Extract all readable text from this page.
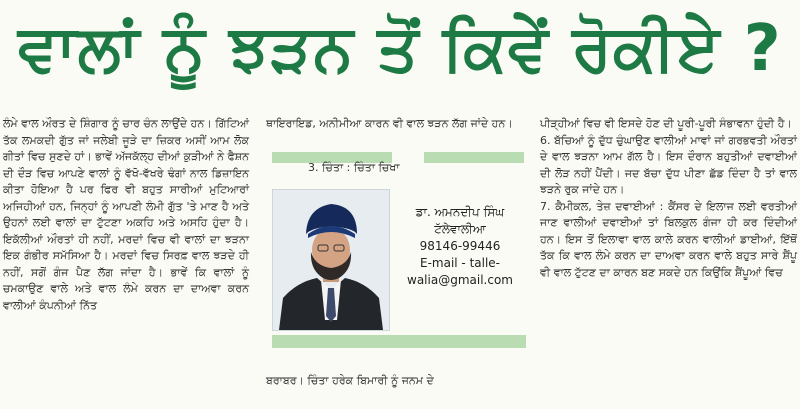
ਵਾਲਾਂ ਨੂੰ ਝੜਨ ਤੋਂ ਕਿਵੇਂ ਰੋਕੀਏ ?

ਲੰਮੇ ਵਾਲ ਔਰਤ ਦੇ ਸ਼ਿੰਗਾਰ ਨੂੰ ਚਾਰ ਚੰਨ ਲਾਉਂਦੇ ਹਨ। ਗਿੱਟਿਆਂ ਤੱਕ ਲਮਕਦੀ ਗੁੱਤ ਜਾਂ ਜਲੇਬੀ ਜੂੜੇ ਦਾ ਜ਼ਿਕਰ ਅਸੀਂ ਆਮ ਲੋਕ ਗੀਤਾਂ ਵਿਚ ਸੁਣਦੇ ਹਾਂ। ਭਾਵੇਂ ਅੱਜਕੱਲ੍ਹ ਦੀਆਂ ਕੁੜੀਆਂ ਨੇ ਫੈਸ਼ਨ ਦੀ ਦੌੜ ਵਿਚ ਆਪਣੇ ਵਾਲਾਂ ਨੂੰ ਵੱਖੋ-ਵੱਖਰੇ ਢੰਗਾਂ ਨਾਲ ਡਿਜ਼ਾਇਨ ਕੀਤਾ ਹੋਇਆ ਹੈ ਪਰ ਫਿਰ ਵੀ ਬਹੁਤ ਸਾਰੀਆਂ ਮੁਟਿਆਰਾਂ ਅਜਿਹੀਆਂ ਹਨ, ਜਿਨ੍ਹਾਂ ਨੂੰ ਆਪਣੀ ਲੰਮੀ ਗੁੱਤ 'ਤੇ ਮਾਣ ਹੈ ਅਤੇ ਉਹਨਾਂ ਲਈ ਵਾਲਾਂ ਦਾ ਟੁੱਟਣਾ ਅਕਹਿ ਅਤੇ ਅਸਹਿ ਹੁੰਦਾ ਹੈ। ਇਕੱਲੀਆਂ ਔਰਤਾਂ ਹੀ ਨਹੀਂ, ਮਰਦਾਂ ਵਿਚ ਵੀ ਵਾਲਾਂ ਦਾ ਝੜਨਾ ਇਕ ਗੰਭੀਰ ਸਮੱਸਿਆ ਹੈ। ਮਰਦਾਂ ਵਿਚ ਸਿਰਫ਼ ਵਾਲ ਝੜਦੇ ਹੀ ਨਹੀਂ, ਸਗੋਂ ਗੰਜ ਪੈਣ ਲੱਗ ਜਾਂਦਾ ਹੈ। ਭਾਵੇਂ ਕਿ ਵਾਲਾਂ ਨੂੰ ਚਮਕਾਉਣ ਵਾਲੇ ਅਤੇ ਵਾਲ ਲੰਮੇ ਕਰਨ ਦਾ ਦਾਅਵਾ ਕਰਨ ਵਾਲੀਆਂ ਕੰਪਨੀਆਂ ਨਿੱਤ

ਥਾਇਰਾਇਡ, ਅਨੀਮੀਆ ਕਾਰਨ ਵੀ ਵਾਲ ਝੜਨ ਲੱਗ ਜਾਂਦੇ ਹਨ।

3. ਚਿੰਤਾ : ਚਿੰਤਾ ਚਿਖਾ

ਡਾ. ਅਮਨਦੀਪ ਸਿੰਘ
ਟੱਲੇਵਾਲੀਆ
98146-99446
E-mail - talle-
walia@gmail.com

ਬਰਾਬਰ। ਚਿੰਤਾ ਹਰੇਕ ਬਿਮਾਰੀ ਨੂੰ ਜਨਮ ਦੇ

ਪੀੜ੍ਹੀਆਂ ਵਿਚ ਵੀ ਇਸਦੇ ਹੋਣ ਦੀ ਪੂਰੀ-ਪੂਰੀ ਸੰਭਾਵਨਾ ਹੁੰਦੀ ਹੈ।

6. ਬੱਚਿਆਂ ਨੂੰ ਦੁੱਧ ਚੁੰਘਾਉਣ ਵਾਲੀਆਂ ਮਾਵਾਂ ਜਾਂ ਗਰਭਵਤੀ ਔਰਤਾਂ ਦੇ ਵਾਲ ਝੜਨਾ ਆਮ ਗੱਲ ਹੈ। ਇਸ ਦੌਰਾਨ ਬਹੁਤੀਆਂ ਦਵਾਈਆਂ ਦੀ ਲੋੜ ਨਹੀਂ ਪੈਂਦੀ। ਜਦ ਬੱਚਾ ਦੁੱਧ ਪੀਣਾ ਛੱਡ ਦਿੰਦਾ ਹੈ ਤਾਂ ਵਾਲ ਝੜਨੇ ਰੁਕ ਜਾਂਦੇ ਹਨ।

7. ਕੈਮੀਕਲ, ਤੇਜ਼ ਦਵਾਈਆਂ : ਕੈਂਸਰ ਦੇ ਇਲਾਜ ਲਈ ਵਰਤੀਆਂ ਜਾਣ ਵਾਲੀਆਂ ਦਵਾਈਆਂ ਤਾਂ ਬਿਲਕੁਲ ਗੰਜਾ ਹੀ ਕਰ ਦਿੰਦੀਆਂ ਹਨ। ਇਸ ਤੋਂ ਇਲਾਵਾ ਵਾਲ ਕਾਲੇ ਕਰਨ ਵਾਲੀਆਂ ਡਾਈਆਂ, ਇੱਥੋਂ ਤੱਕ ਕਿ ਵਾਲ ਲੰਮੇ ਕਰਨ ਦਾ ਦਾਅਵਾ ਕਰਨ ਵਾਲੇ ਬਹੁਤ ਸਾਰੇ ਸ਼ੈਂਪੂ ਵੀ ਵਾਲ ਟੁੱਟਣ ਦਾ ਕਾਰਨ ਬਣ ਸਕਦੇ ਹਨ ਕਿਉਂਕਿ ਸ਼ੈਂਪੂਆਂ ਵਿਚ
